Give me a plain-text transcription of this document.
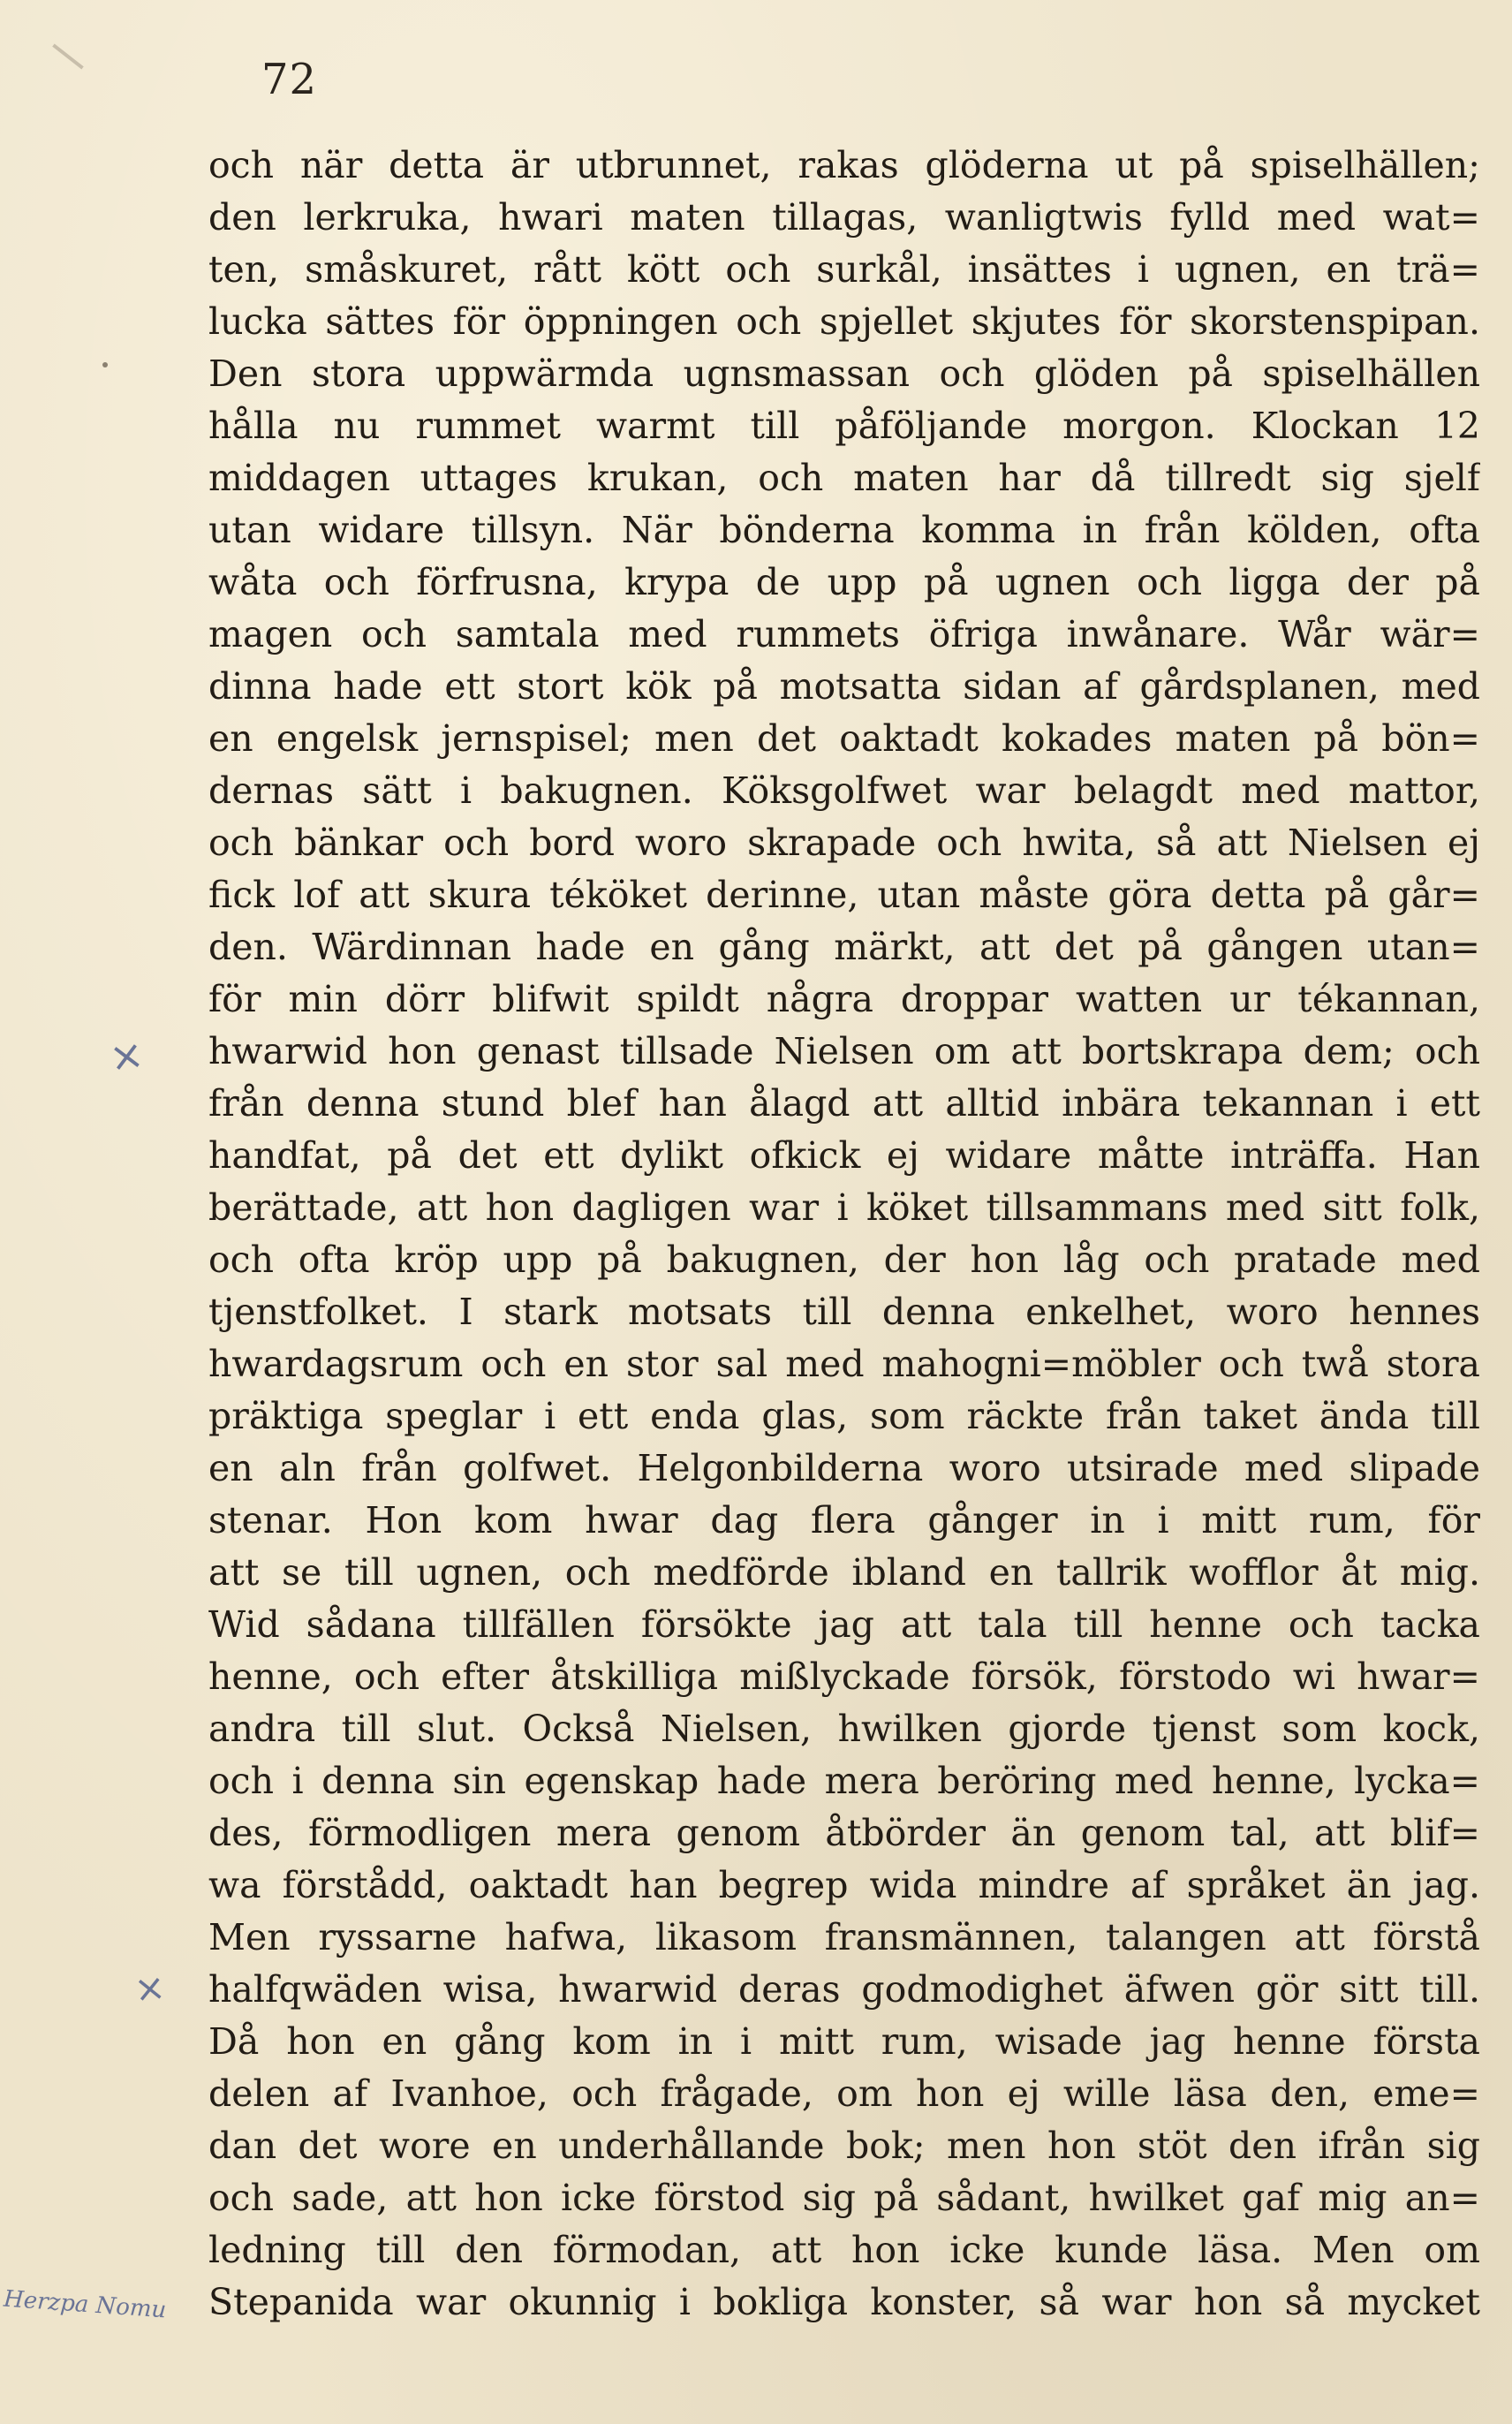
72
och när detta är utbrunnet, rakas glöderna ut på spiselhällen;
den lerkruka, hwari maten tillagas, wanligtwis fylld med wat=
ten, småskuret, rått kött och surkål, insättes i ugnen, en trä=
lucka sättes för öppningen och spjellet skjutes för skorstenspipan.
Den stora uppwärmda ugnsmassan och glöden på spiselhällen
hålla nu rummet warmt till påföljande morgon. Klockan 12
middagen uttages krukan, och maten har då tillredt sig sjelf
utan widare tillsyn. När bönderna komma in från kölden, ofta
wåta och förfrusna, krypa de upp på ugnen och ligga der på
magen och samtala med rummets öfriga inwånare. Wår wär=
dinna hade ett stort kök på motsatta sidan af gårdsplanen, med
en engelsk jernspisel; men det oaktadt kokades maten på bön=
dernas sätt i bakugnen. Köksgolfwet war belagdt med mattor,
och bänkar och bord woro skrapade och hwita, så att Nielsen ej
fick lof att skura téköket derinne, utan måste göra detta på går=
den. Wärdinnan hade en gång märkt, att det på gången utan=
för min dörr blifwit spildt några droppar watten ur tékannan,
hwarwid hon genast tillsade Nielsen om att bortskrapa dem; och
från denna stund blef han ålagd att alltid inbära tekannan i ett
handfat, på det ett dylikt ofkick ej widare måtte inträffa. Han
berättade, att hon dagligen war i köket tillsammans med sitt folk,
och ofta kröp upp på bakugnen, der hon låg och pratade med
tjenstfolket. I stark motsats till denna enkelhet, woro hennes
hwardagsrum och en stor sal med mahogni=möbler och twå stora
präktiga speglar i ett enda glas, som räckte från taket ända till
en aln från golfwet. Helgonbilderna woro utsirade med slipade
stenar. Hon kom hwar dag flera gånger in i mitt rum, för
att se till ugnen, och medförde ibland en tallrik wofflor åt mig.
Wid sådana tillfällen försökte jag att tala till henne och tacka
henne, och efter åtskilliga mißlyckade försök, förstodo wi hwar=
andra till slut. Också Nielsen, hwilken gjorde tjenst som kock,
och i denna sin egenskap hade mera beröring med henne, lycka=
des, förmodligen mera genom åtbörder än genom tal, att blif=
wa förstådd, oaktadt han begrep wida mindre af språket än jag.
Men ryssarne hafwa, likasom fransmännen, talangen att förstå
halfqwäden wisa, hwarwid deras godmodighet äfwen gör sitt till.
Då hon en gång kom in i mitt rum, wisade jag henne första
delen af Ivanhoe, och frågade, om hon ej wille läsa den, eme=
dan det wore en underhållande bok; men hon stöt den ifrån sig
och sade, att hon icke förstod sig på sådant, hwilket gaf mig an=
ledning till den förmodan, att hon icke kunde läsa. Men om
Stepanida war okunnig i bokliga konster, så war hon så mycket
×
×
Herzpa Nomu
